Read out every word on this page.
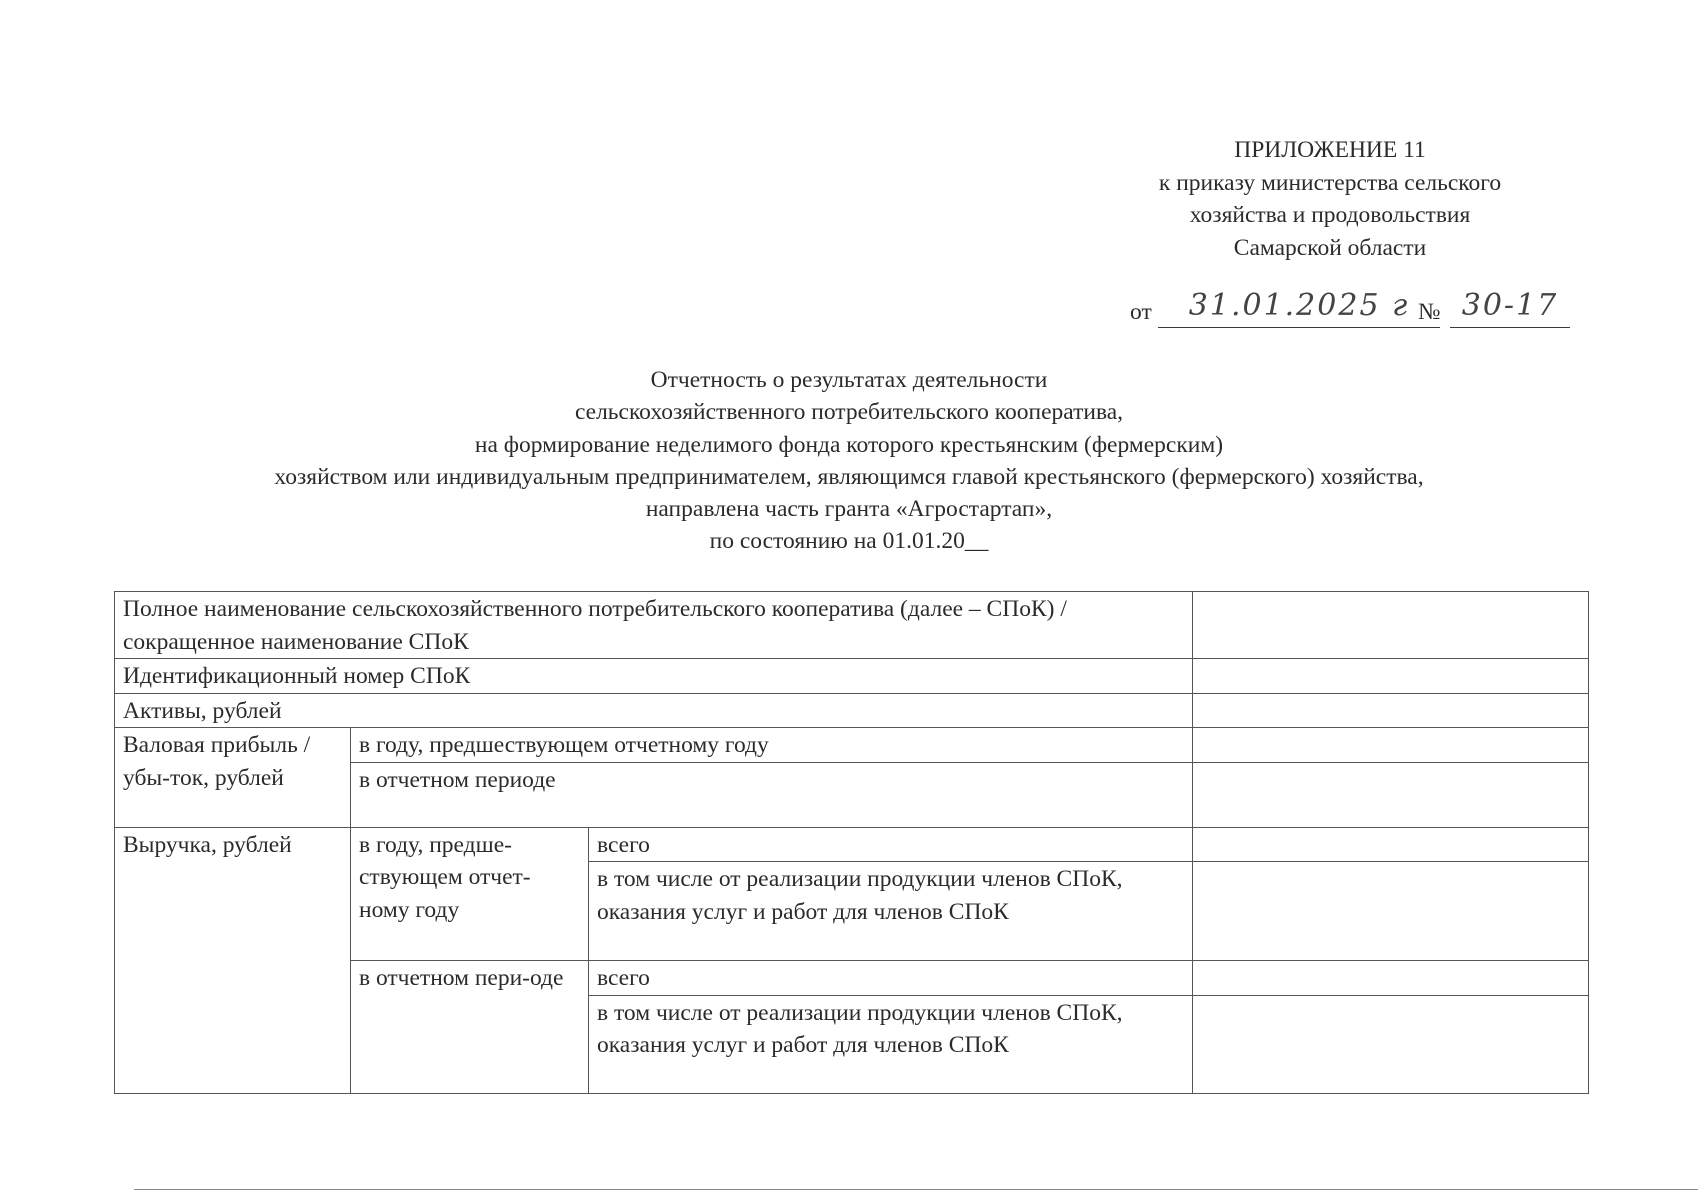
ПРИЛОЖЕНИЕ 11
к приказу министерства сельского
хозяйства и продовольствия
Самарской области
от	31.01.2025 г № 30-17
Отчетность о результатах деятельности
сельскохозяйственного потребительского кооператива,
на формирование неделимого фонда которого крестьянским (фермерским)
хозяйством или индивидуальным предпринимателем, являющимся главой крестьянского (фермерского) хозяйства,
направлена часть гранта «Агростартап»,
по состоянию на 01.01.20__
Полное наименование сельскохозяйственного потребительского кооператива (далее – СПоК) / сокращенное наименование СПоК			
Идентификационный номер СПоК			
Активы, рублей			
Валовая прибыль / убы-ток, рублей	в году, предшествующем отчетному году		
	в отчетном периоде		
Выручка, рублей	в году, предше-ствующем отчет-ному году	всего	
		в том числе от реализации продукции членов СПоК, оказания услуг и работ для членов СПоК	
	в отчетном пери-оде	всего	
		в том числе от реализации продукции членов СПоК, оказания услуг и работ для членов СПоК	
